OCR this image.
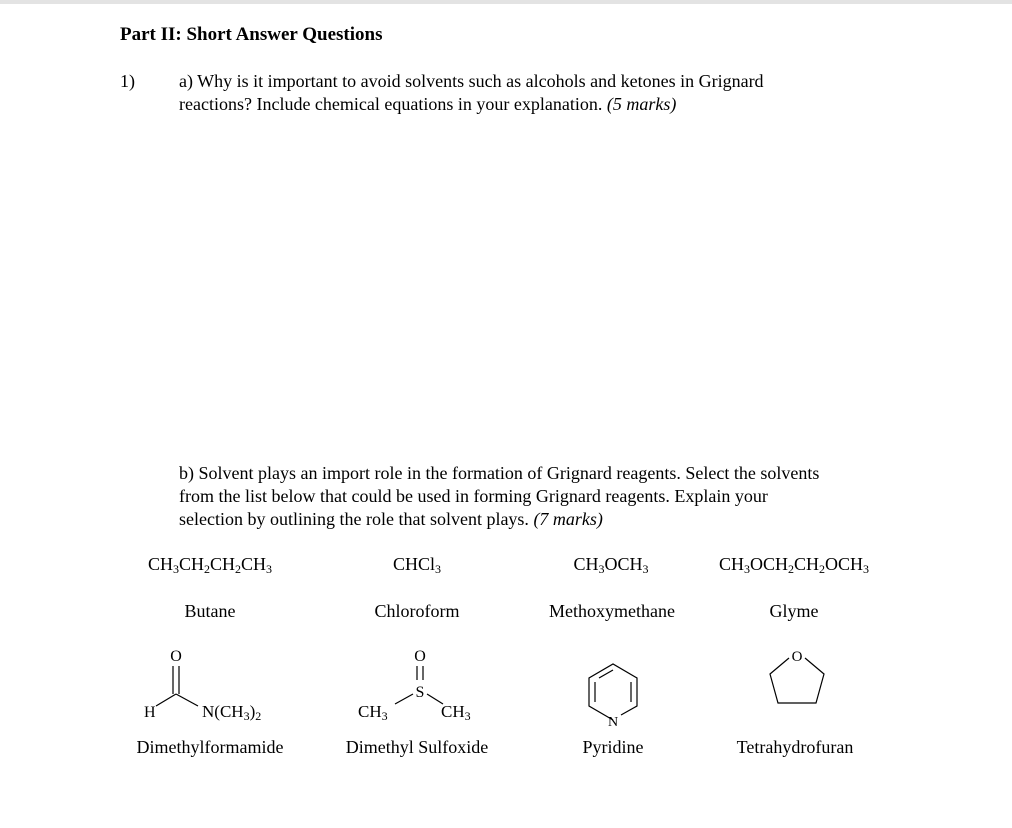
Part II: Short Answer Questions
1) a) Why is it important to avoid solvents such as alcohols and ketones in Grignard
reactions? Include chemical equations in your explanation. (5 marks)
b) Solvent plays an import role in the formation of Grignard reagents. Select the solvents
from the list below that could be used in forming Grignard reagents. Explain your
selection by outlining the role that solvent plays. (7 marks)
$CH_3CH_2CH_2CH_3$	CHCl$_3$	$CH_3OCH_3$	$CH_3OCH_2CH_2OCH_3$
Butane	Chloroform	Methoxymethane	Glyme
O
H	N(CH3)2
O
S
CH3	CH3	N
O
Dimethylformamide	Dimethyl Sulfoxide	Pyridine	Tetrahydrofuran
